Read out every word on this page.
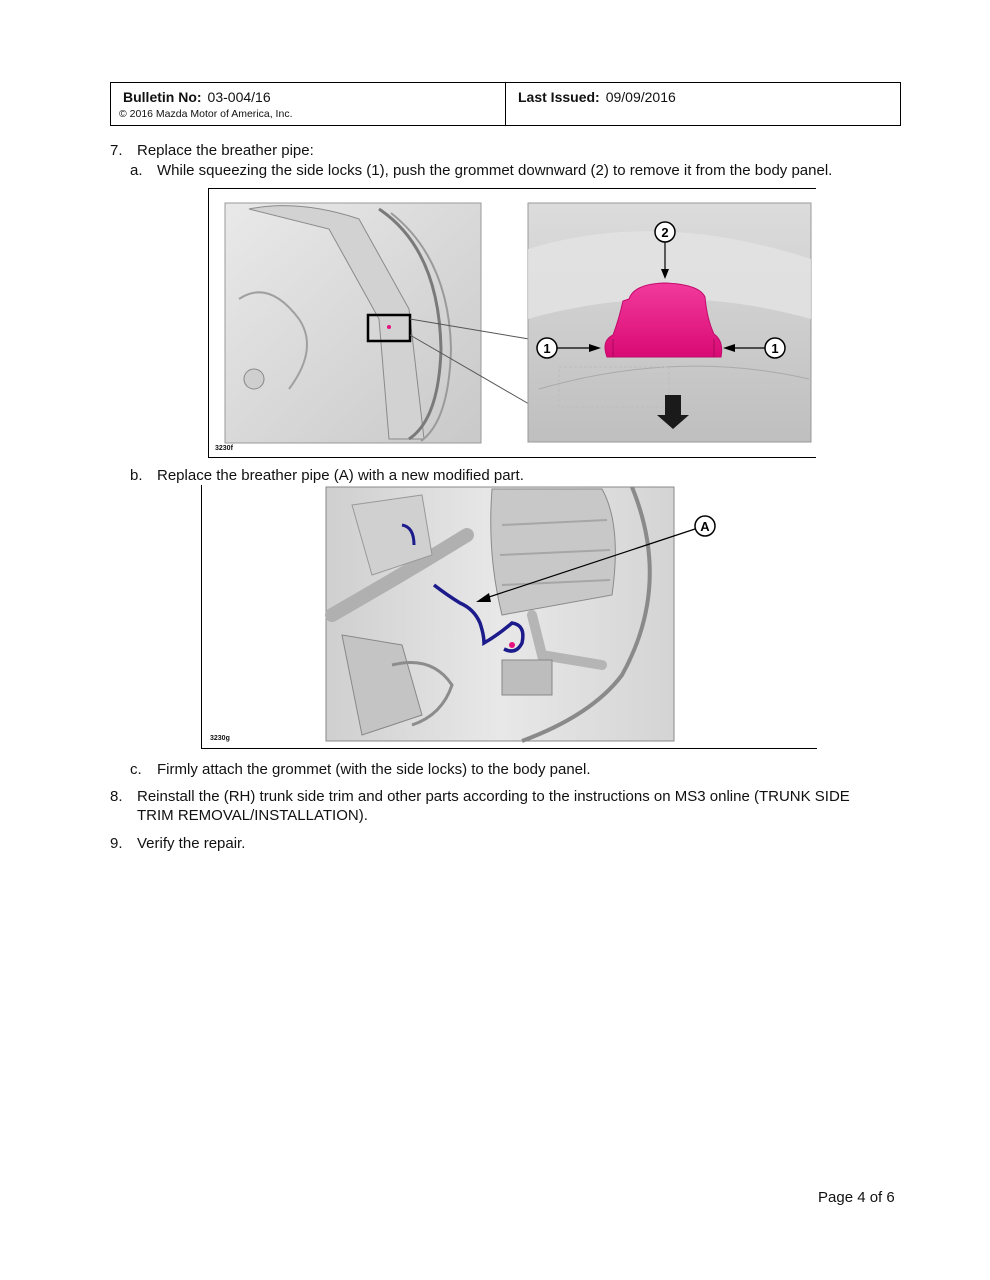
Bulletin No: 03-004/16
© 2016 Mazda Motor of America, Inc.
Last Issued: 09/09/2016
7. Replace the breather pipe:
a. While squeezing the side locks (1), push the grommet downward (2) to remove it from the body panel.
2
1	1
3230f
b. Replace the breather pipe (A) with a new modified part.
A
3230g
c. Firmly attach the grommet (with the side locks) to the body panel.
8. Reinstall the (RH) trunk side trim and other parts according to the instructions on MS3 online (TRUNK SIDE
TRIM REMOVAL/INSTALLATION).
9. Verify the repair.
Page 4 of 6
